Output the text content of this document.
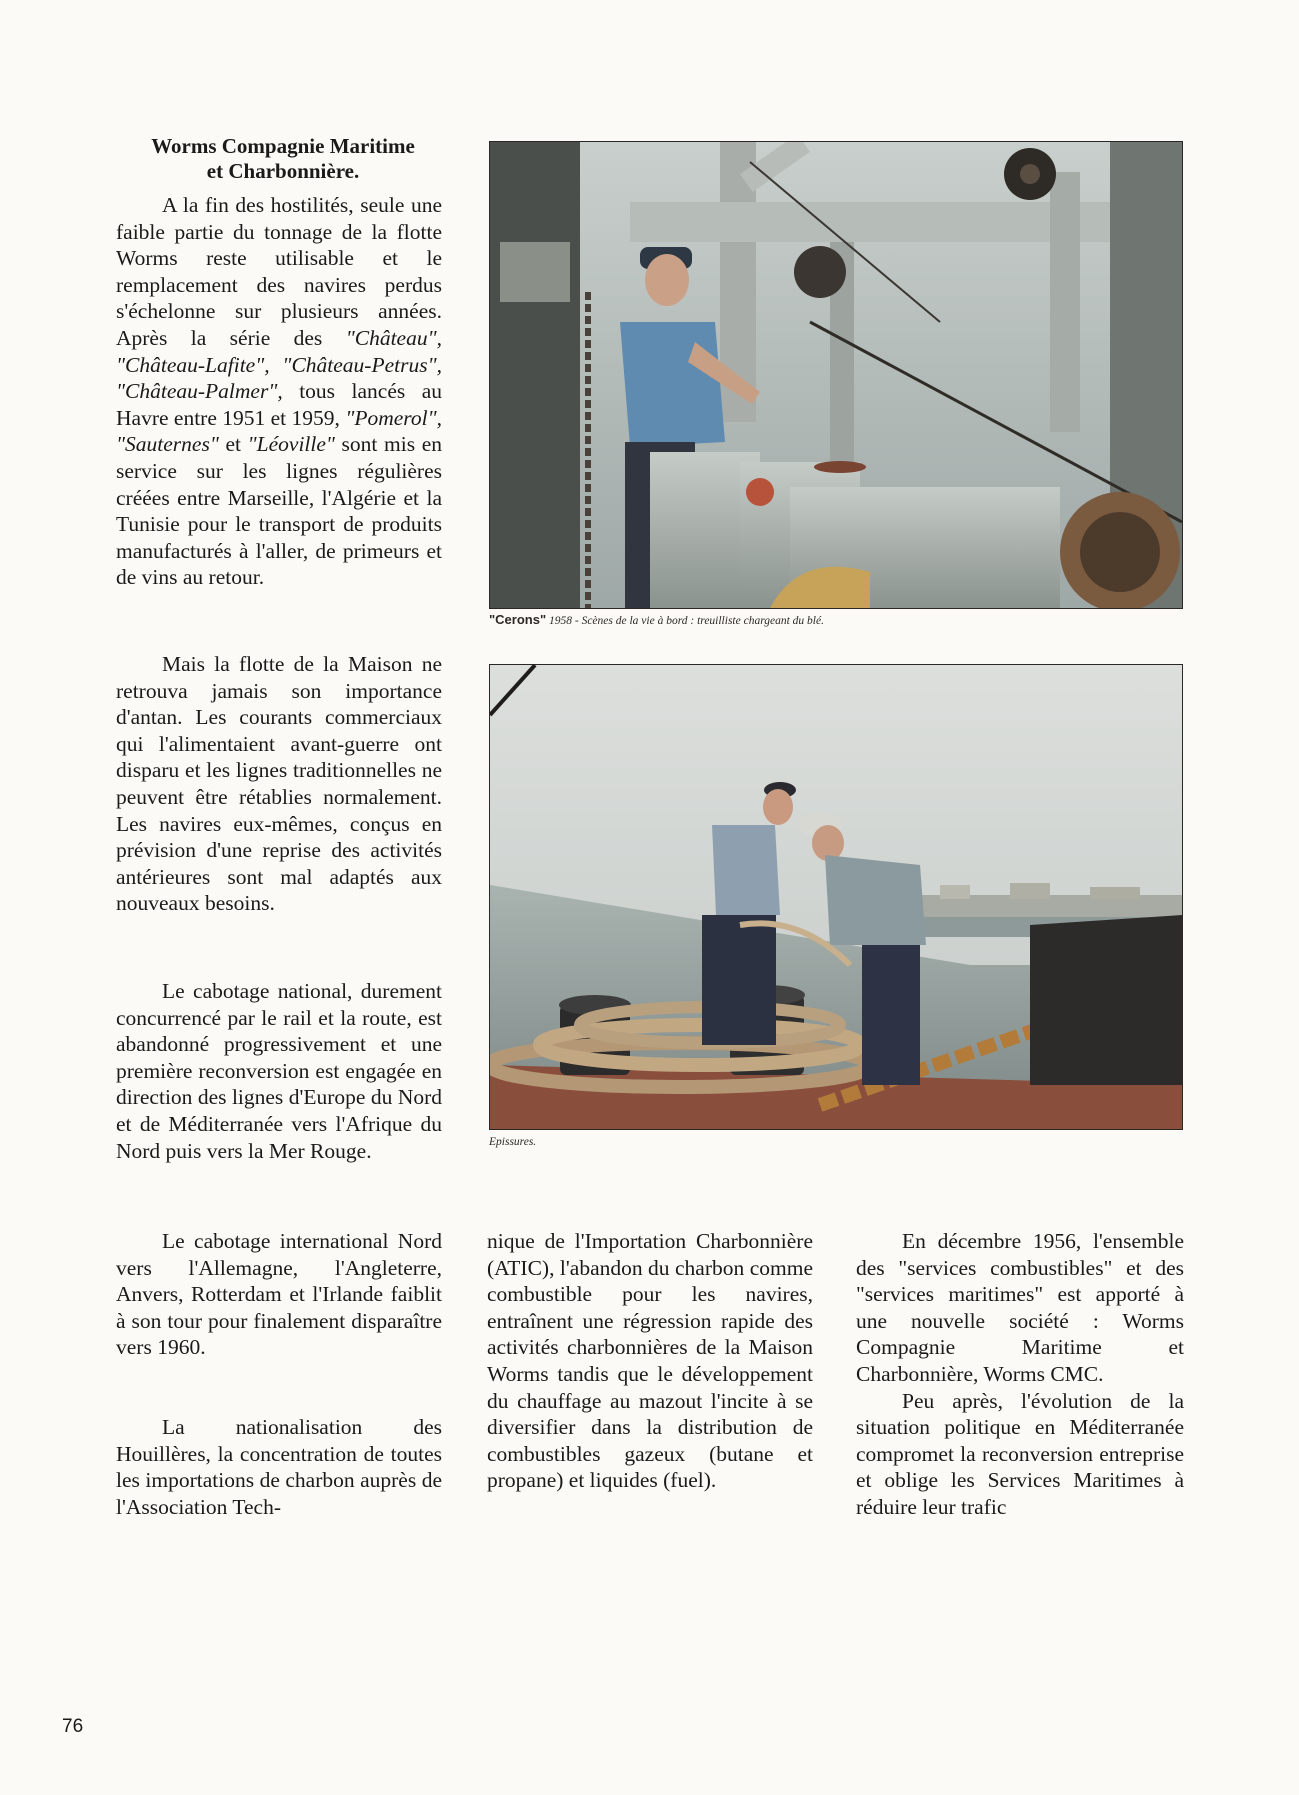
Worms Compagnie Maritime
et Charbonnière.

A la fin des hostilités, seule une faible partie du tonnage de la flotte Worms reste utilisable et le remplacement des navires perdus s'échelonne sur plusieurs années. Après la série des "Château", "Château-Lafite", "Château-Petrus", "Château-Palmer", tous lancés au Havre entre 1951 et 1959, "Pomerol", "Sauternes" et "Léoville" sont mis en service sur les lignes régulières créées entre Marseille, l'Algérie et la Tunisie pour le transport de produits manufacturés à l'aller, de primeurs et de vins au retour.

Mais la flotte de la Maison ne retrouva jamais son importance d'antan. Les courants commerciaux qui l'alimentaient avant-guerre ont disparu et les lignes traditionnelles ne peuvent être rétablies normalement. Les navires eux-mêmes, conçus en prévision d'une reprise des activités antérieures sont mal adaptés aux nouveaux besoins.

Le cabotage national, durement concurrencé par le rail et la route, est abandonné progressivement et une première reconversion est engagée en direction des lignes d'Europe du Nord et de Méditerranée vers l'Afrique du Nord puis vers la Mer Rouge.

Le cabotage international Nord vers l'Allemagne, l'Angleterre, Anvers, Rotterdam et l'Irlande faiblit à son tour pour finalement disparaître vers 1960.

La nationalisation des Houillères, la concentration de toutes les importations de charbon auprès de l'Association Tech-

nique de l'Importation Charbonnière (ATIC), l'abandon du charbon comme combustible pour les navires, entraînent une régression rapide des activités charbonnières de la Maison Worms tandis que le développement du chauffage au mazout l'incite à se diversifier dans la distribution de combustibles gazeux (butane et propane) et liquides (fuel).

En décembre 1956, l'ensemble des "services combustibles" et des "services maritimes" est apporté à une nouvelle société : Worms Compagnie Maritime et Charbonnière, Worms CMC.

Peu après, l'évolution de la situation politique en Méditerranée compromet la reconversion entreprise et oblige les Services Maritimes à réduire leur trafic

"Cerons" 1958 - Scènes de la vie à bord : treuilliste chargeant du blé.
Epissures.
76
